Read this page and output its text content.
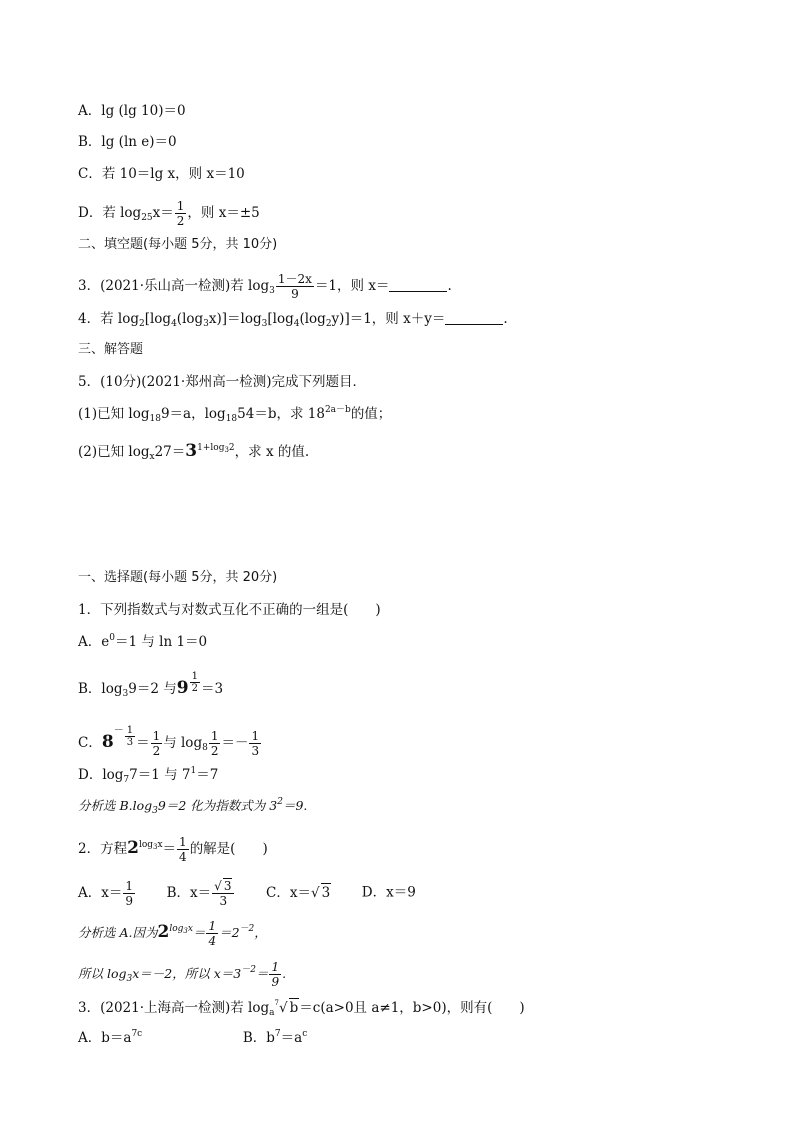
A．lg (lg 10)＝0
B．lg (ln e)＝0
C．若 10＝lg x，则 x＝10
D．若 $\log_{25}x= \frac{1}{2}$ ，则 x＝±5
二、填空题(每小题 5分，共 10分)
3．(2021·乐山高一检测)若 $\log_3 \frac{1-2x}{9} =1$，则 x＝	.
4．若 $\log_2[\log_4(\log_3x)]=\log_3[\log_4(\log_2y)]=1$，则 x＋y＝	.
三、解答题
5．(10分)(2021·郑州高一检测)完成下列题目．
(1)已知 $\log_{18}9=a$，$\log_{18}54=b$，求 $18^{2a-b}$的值；
(2)已知 $\log_x27=3^{1+log_32}$，求 x 的值.
一、选择题(每小题 5分，共 20分)
1．下列指数式与对数式互化不正确的一组是(　　)
A．$e^0=1$ 与 ln 1＝0
B．$\log_39=2$ 与$9 \frac{1}{2} =3$
C．$8^- \frac{1}{3} = \frac{1}{2}$ 与 $\log_8 \frac{1}{2} =- \frac{1}{3}$
D．$\log_77=1$ 与 $7^1=7$
分析选 $B.\log_39=2$ 化为指数式为 $3^2=9$.
2．方程$2^{log_3x}= \frac{1}{4}$ 的解是(　　)
A．$x= \frac{1}{9}$ B．$x= \frac{√ 3}{3}$ C．x＝√ 3 D．x＝9
分析选 A.因为$2^{log_3x}= \frac{1}{4} =2^{-2}$，
所以 $\log_3x=-2$，所以 $x=3^{-2}= \frac{1}{9}$ .
3．(2021·上海高一检测)若 $\log_a^7√$ b＝c(a>0且 a≠1，b>0)，则有(　　)
A．$b=a^{7c}$	B．$b^7=a^c$
